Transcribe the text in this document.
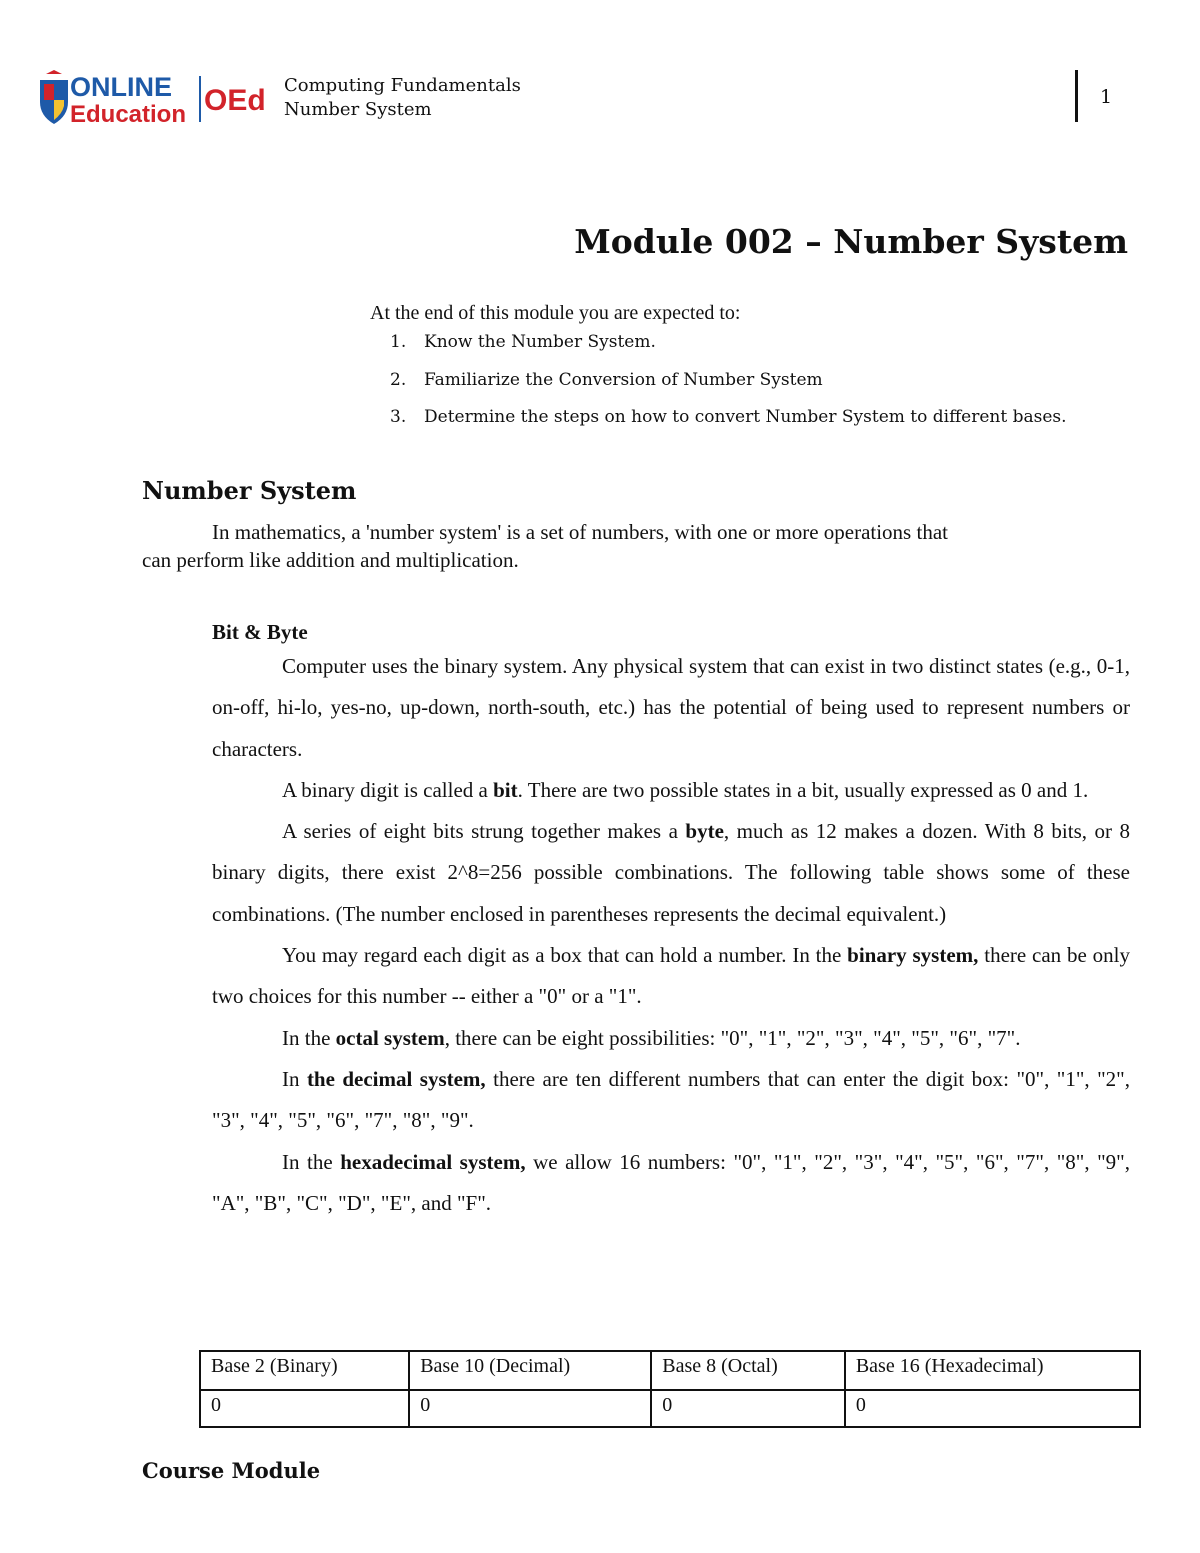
ONLINE
Education OEd Computing Fundamentals
Number System
1
Module 002 – Number System
At the end of this module you are expected to:
1. Know the Number System.
2. Familiarize the Conversion of Number System
3. Determine the steps on how to convert Number System to different bases.
Number System
In mathematics, a 'number system' is a set of numbers, with one or more operations that
can perform like addition and multiplication.
Bit & Byte

Computer uses the binary system. Any physical system that can exist in two distinct states (e.g., 0-1, on-off, hi-lo, yes-no, up-down, north-south, etc.) has the potential of being used to represent numbers or characters.

A binary digit is called a bit. There are two possible states in a bit, usually expressed as 0 and 1.

A series of eight bits strung together makes a byte, much as 12 makes a dozen. With 8 bits, or 8 binary digits, there exist 2^8=256 possible combinations. The following table shows some of these combinations. (The number enclosed in parentheses represents the decimal equivalent.)

You may regard each digit as a box that can hold a number. In the binary system, there can be only two choices for this number -- either a "0" or a "1".

In the octal system, there can be eight possibilities: "0", "1", "2", "3", "4", "5", "6", "7".

In the decimal system, there are ten different numbers that can enter the digit box: "0", "1", "2", "3", "4", "5", "6", "7", "8", "9".

In the hexadecimal system, we allow 16 numbers: "0", "1", "2", "3", "4", "5", "6", "7", "8", "9", "A", "B", "C", "D", "E", and "F".

Base 2 (Binary)	Base 10 (Decimal)	Base 8 (Octal)	Base 16 (Hexadecimal)
0	0	0	0
Course Module
